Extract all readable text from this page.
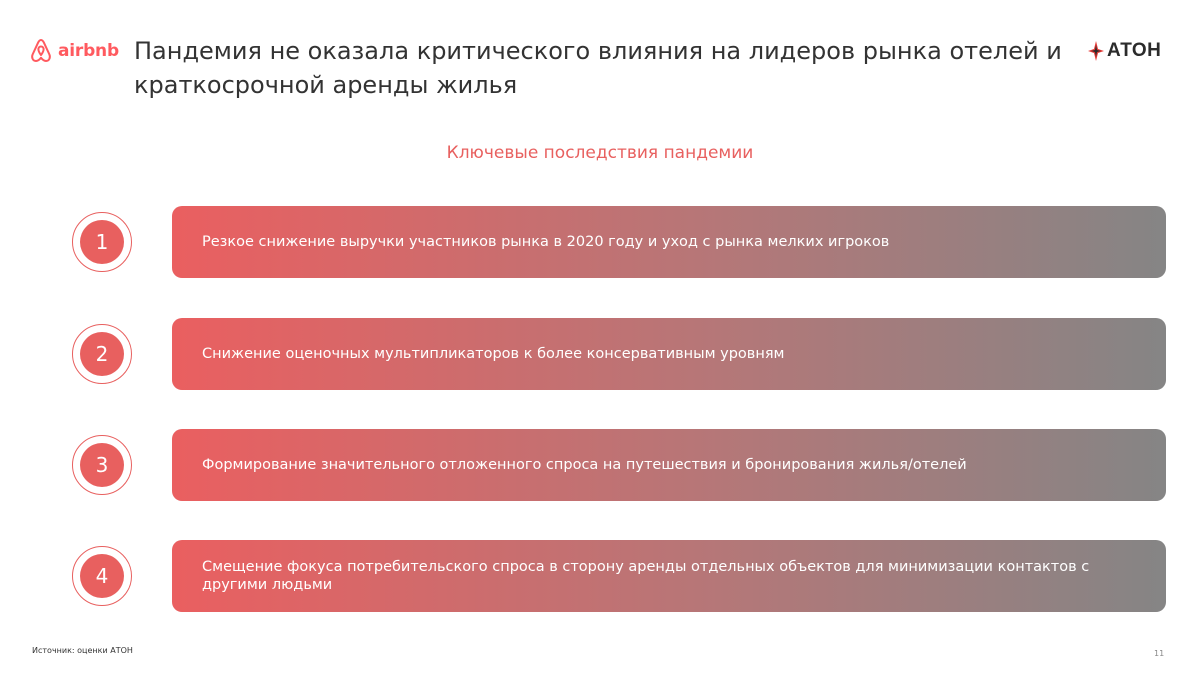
airbnb Пандемия не оказала критического влияния на лидеров рынка отелей и краткосрочной аренды жилья
АТОН
Ключевые последствия пандемии
1	Резкое снижение выручки участников рынка в 2020 году и уход с рынка мелких игроков
2	Снижение оценочных мультипликаторов к более консервативным уровням
3	Формирование значительного отложенного спроса на путешествия и бронирования жилья/отелей
4	Смещение фокуса потребительского спроса в сторону аренды отдельных объектов для минимизации контактов с другими людьми
Источник: оценки АТОН	11
